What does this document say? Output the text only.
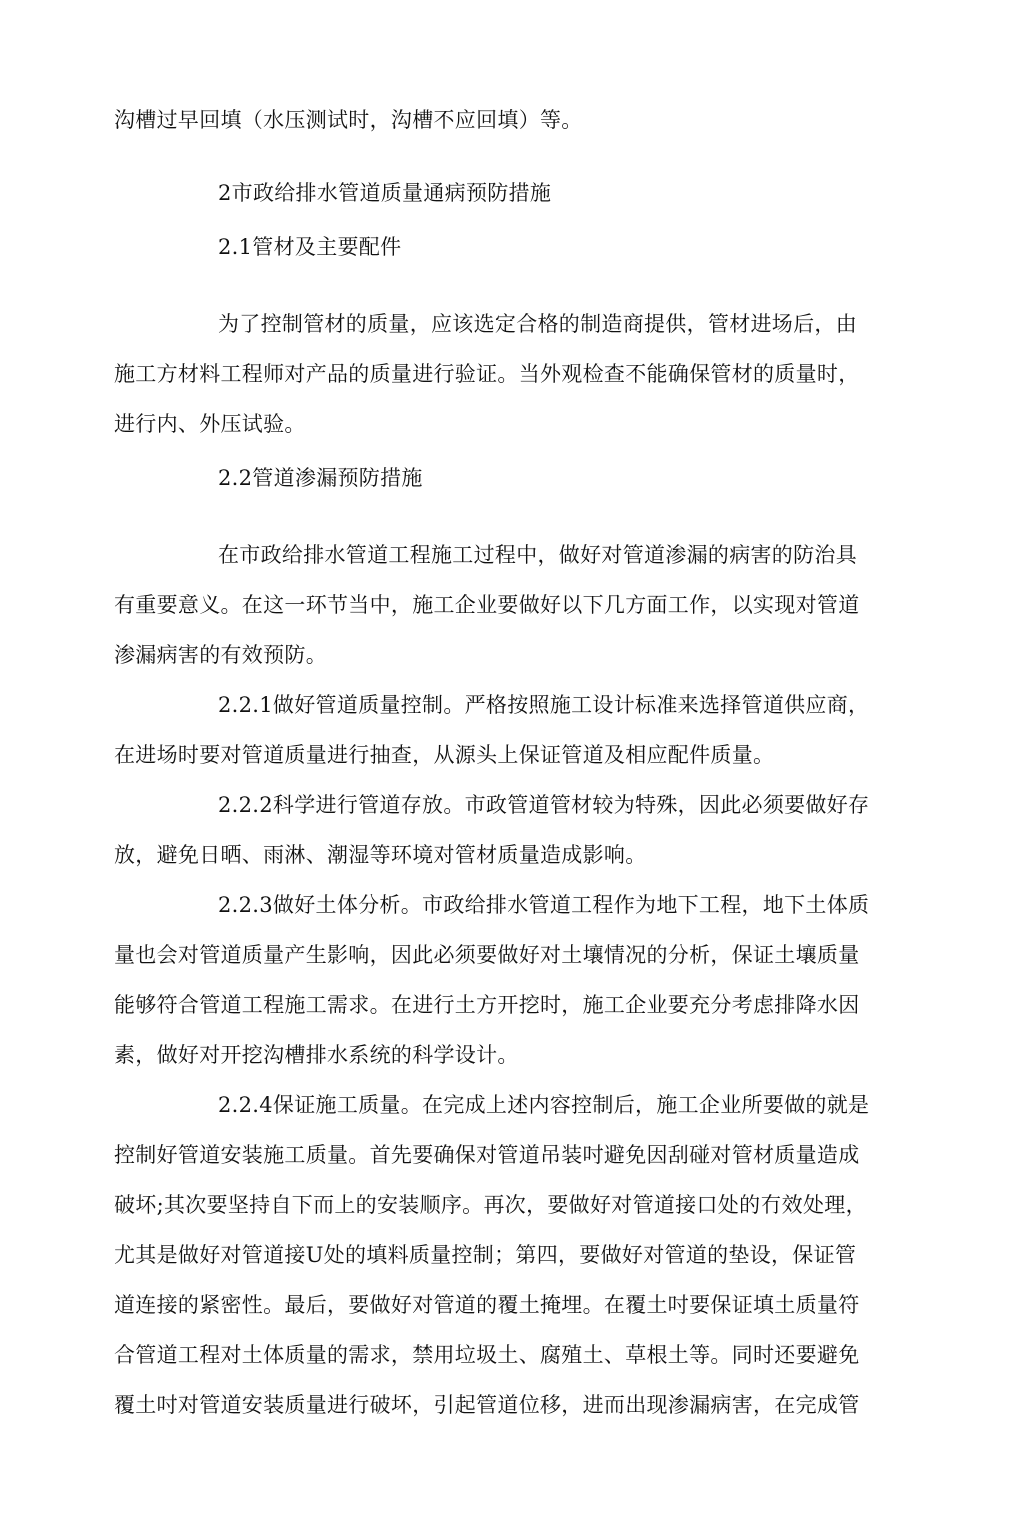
沟槽过早回填（水压测试时，沟槽不应回填）等。
2市政给排水管道质量通病预防措施
2.1管材及主要配件
为了控制管材的质量，应该选定合格的制造商提供，管材进场后，由
施工方材料工程师对产品的质量进行验证。当外观检查不能确保管材的质量时，
进行内、外压试验。
2.2管道渗漏预防措施
在市政给排水管道工程施工过程中，做好对管道渗漏的病害的防治具
有重要意义。在这一环节当中，施工企业要做好以下几方面工作，以实现对管道
渗漏病害的有效预防。
2.2.1做好管道质量控制。严格按照施工设计标准来选择管道供应商，
在进场时要对管道质量进行抽查，从源头上保证管道及相应配件质量。
2.2.2科学进行管道存放。市政管道管材较为特殊，因此必须要做好存
放，避免日晒、雨淋、潮湿等环境对管材质量造成影响。
2.2.3做好土体分析。市政给排水管道工程作为地下工程，地下土体质
量也会对管道质量产生影响，因此必须要做好对土壤情况的分析，保证土壤质量
能够符合管道工程施工需求。在进行土方开挖时，施工企业要充分考虑排降水因
素，做好对开挖沟槽排水系统的科学设计。
2.2.4保证施工质量。在完成上述内容控制后，施工企业所要做的就是
控制好管道安装施工质量。首先要确保对管道吊装吋避免因刮碰对管材质量造成
破坏;其次要坚持自下而上的安装顺序。再次，要做好对管道接口处的冇效处理，
尤其是做好对管道接U处的填料质量控制；第四，要做好对管道的垫设，保证管
道连接的紧密性。最后，要做好对管道的覆土掩埋。在覆土吋要保证填土质量符
合管道工程对土体质量的需求，禁用垃圾土、腐殖土、草根土等。同时还要避免
覆土吋对管道安装质量进行破坏，引起管道位移，进而出现渗漏病害，在完成管
